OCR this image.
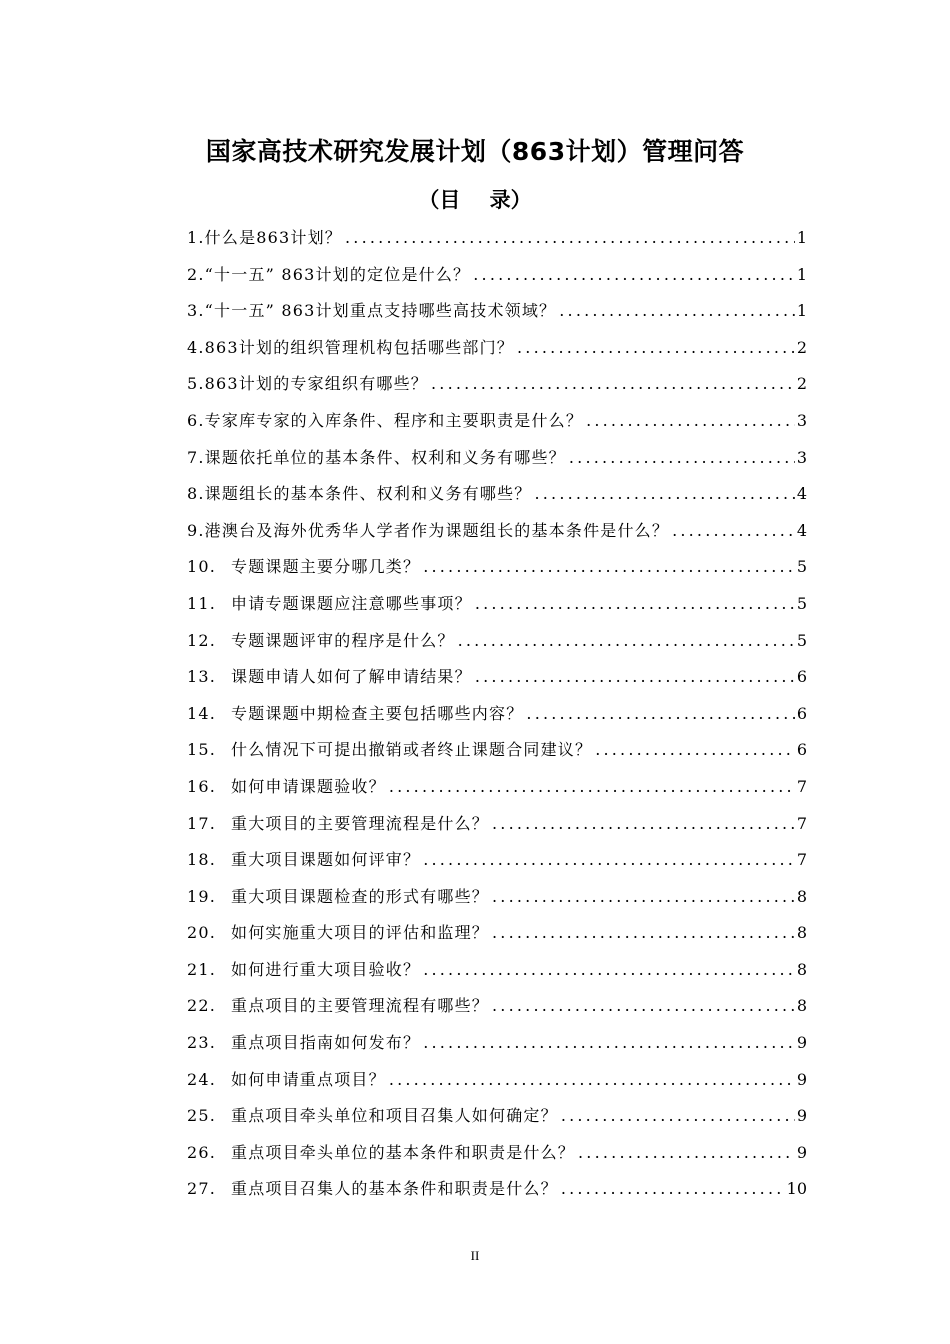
国家高技术研究发展计划（863计划）管理问答
（目    录）
1. 什么是863计划？ .....	1
2. “十一五” 863计划的定位是什么？ .....	1
3. “十一五” 863计划重点支持哪些高技术领域？ .....	1
4. 863计划的组织管理机构包括哪些部门？ .....	2
5. 863计划的专家组织有哪些？ .....	2
6. 专家库专家的入库条件、程序和主要职责是什么？ .....	3
7. 课题依托单位的基本条件、权利和义务有哪些？ .....	3
8. 课题组长的基本条件、权利和义务有哪些？ .....	4
9. 港澳台及海外优秀华人学者作为课题组长的基本条件是什么？ .....	4
10. 专题课题主要分哪几类？ .....	5
11. 申请专题课题应注意哪些事项？ .....	5
12. 专题课题评审的程序是什么？ .....	5
13. 课题申请人如何了解申请结果？ .....	6
14. 专题课题中期检查主要包括哪些内容？ .....	6
15. 什么情况下可提出撤销或者终止课题合同建议？ .....	6
16. 如何申请课题验收？ .....	7
17. 重大项目的主要管理流程是什么？ .....	7
18. 重大项目课题如何评审？ .....	7
19. 重大项目课题检查的形式有哪些？ .....	8
20. 如何实施重大项目的评估和监理？ .....	8
21. 如何进行重大项目验收？ .....	8
22. 重点项目的主要管理流程有哪些？ .....	8
23. 重点项目指南如何发布？ .....	9
24. 如何申请重点项目？ .....	9
25. 重点项目牵头单位和项目召集人如何确定？ .....	9
26. 重点项目牵头单位的基本条件和职责是什么？ .....	9
27. 重点项目召集人的基本条件和职责是什么？ .....	10
II
